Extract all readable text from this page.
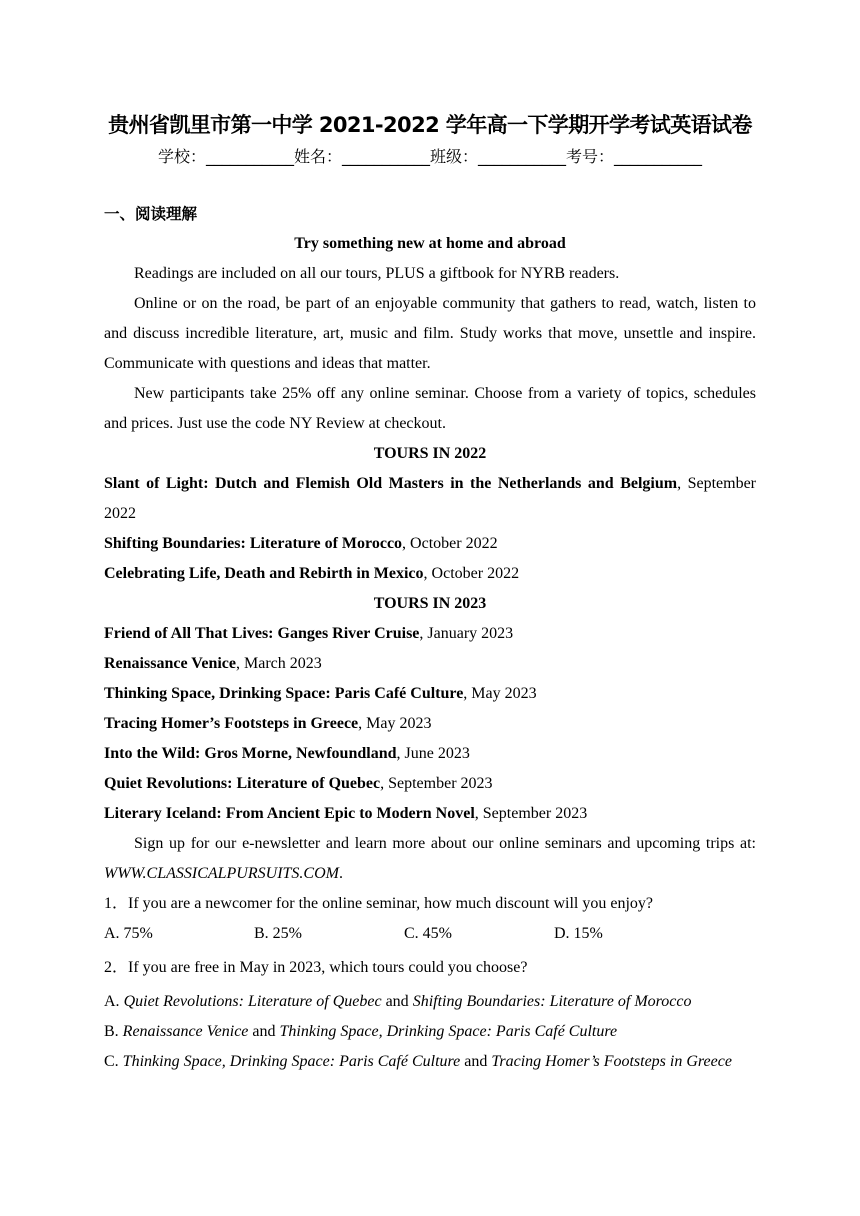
贵州省凯里市第一中学 2021-2022 学年高一下学期开学考试英语试卷
学校：___________姓名：___________班级：___________考号：___________
一、阅读理解
Try something new at home and abroad
Readings are included on all our tours, PLUS a giftbook for NYRB readers.
Online or on the road, be part of an enjoyable community that gathers to read, watch, listen to and discuss incredible literature, art, music and film. Study works that move, unsettle and inspire. Communicate with questions and ideas that matter.
New participants take 25% off any online seminar. Choose from a variety of topics, schedules and prices. Just use the code NY Review at checkout.
TOURS IN 2022
Slant of Light: Dutch and Flemish Old Masters in the Netherlands and Belgium, September 2022
Shifting Boundaries: Literature of Morocco, October 2022
Celebrating Life, Death and Rebirth in Mexico, October 2022
TOURS IN 2023
Friend of All That Lives: Ganges River Cruise, January 2023
Renaissance Venice, March 2023
Thinking Space, Drinking Space: Paris Café Culture, May 2023
Tracing Homer’s Footsteps in Greece, May 2023
Into the Wild: Gros Morne, Newfoundland, June 2023
Quiet Revolutions: Literature of Quebec, September 2023
Literary Iceland: From Ancient Epic to Modern Novel, September 2023
Sign up for our e-newsletter and learn more about our online seminars and upcoming trips at: WWW.CLASSICALPURSUITS.COM.
1．If you are a newcomer for the online seminar, how much discount will you enjoy?
A. 75%	B. 25%	C. 45%	D. 15%
2．If you are free in May in 2023, which tours could you choose?
A. Quiet Revolutions: Literature of Quebec and Shifting Boundaries: Literature of Morocco
B. Renaissance Venice and Thinking Space, Drinking Space: Paris Café Culture
C. Thinking Space, Drinking Space: Paris Café Culture and Tracing Homer’s Footsteps in Greece
